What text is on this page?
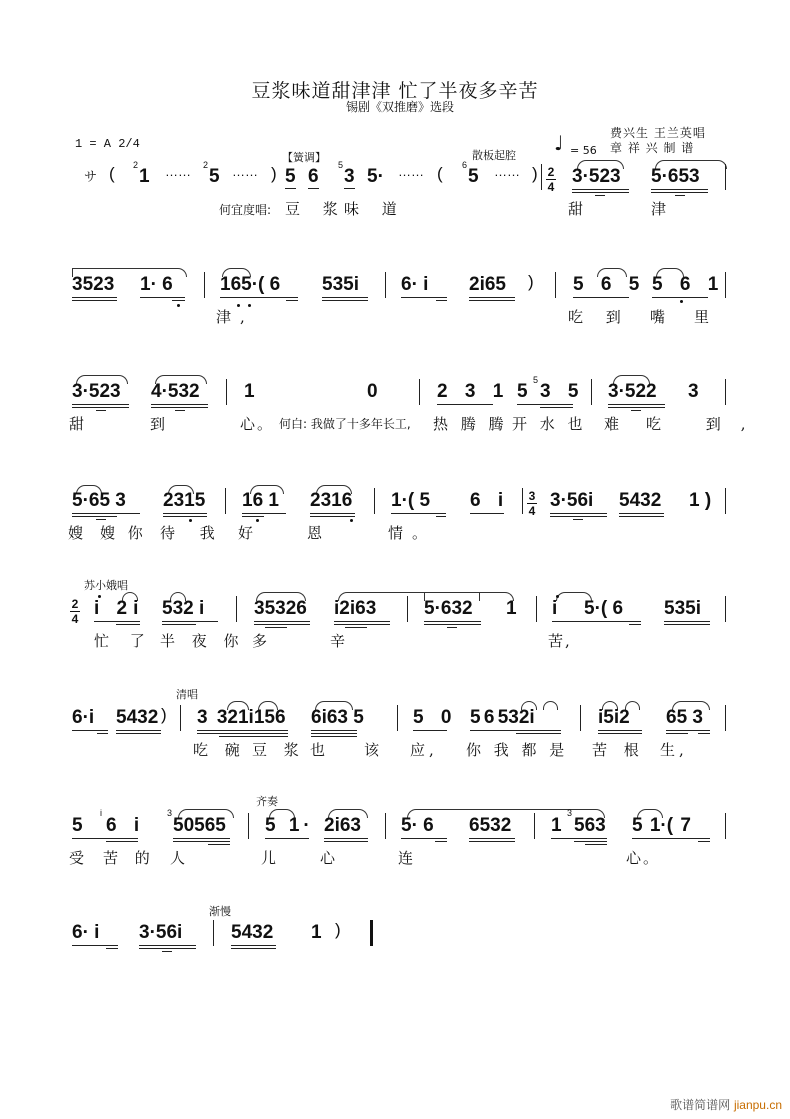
豆浆味道甜津津 忙了半夜多辛苦
锡剧《双推磨》选段
1 = A 2/4
费兴生 王兰英唱
章 祥 兴 制 谱
♩ = 56
【簧调】	散板起腔
サ ( 2
1 …… 2
5 …… ) 5 6
5
3 5· …… ( 6
5 …… ) 2
4 3·523 5·653
何宜度唱: 豆 浆
味 道	甜	津
3523 1· 6 165·( 6 535i 6· i 2i65 ) 5 6 5 5 6 1
津,	吃 到 嘴 里
3·523 4·532 1	0	2 3 1 5
5
3 5 3·522 3
甜	到	心。 何白: 我做了十多年长工, 热 腾 腾 开 水 也 难 吃 到,
5·65 3 2315 16 1 2316 1·( 5 6 i 3
4 3·56i 5432 1 )
嫂 嫂 你 待 我 好	恩	情。
苏小娥唱
2
4 i 2i 532 i	35326 i2i63	5·632 1 i 5·( 6 535i
忙 了 半 夜 你 多	辛	苦,
清唱
6·i 5432 ) 3 321i156 6i63 5	5 0 5 6 532i	i5i2 65 3
吃 碗 豆 浆 也 该 应, 你 我 都 是 苦 根 生,
齐奏
5
i
6 i
3
50565 5 1· 2i63 5· 6 6532 1
3
563 5 1·( 7
受 苦 的 人	儿 心	连	心。
渐慢
6· i 3·56i	5432 1 )
歌谱简谱网 jianpu.cn
